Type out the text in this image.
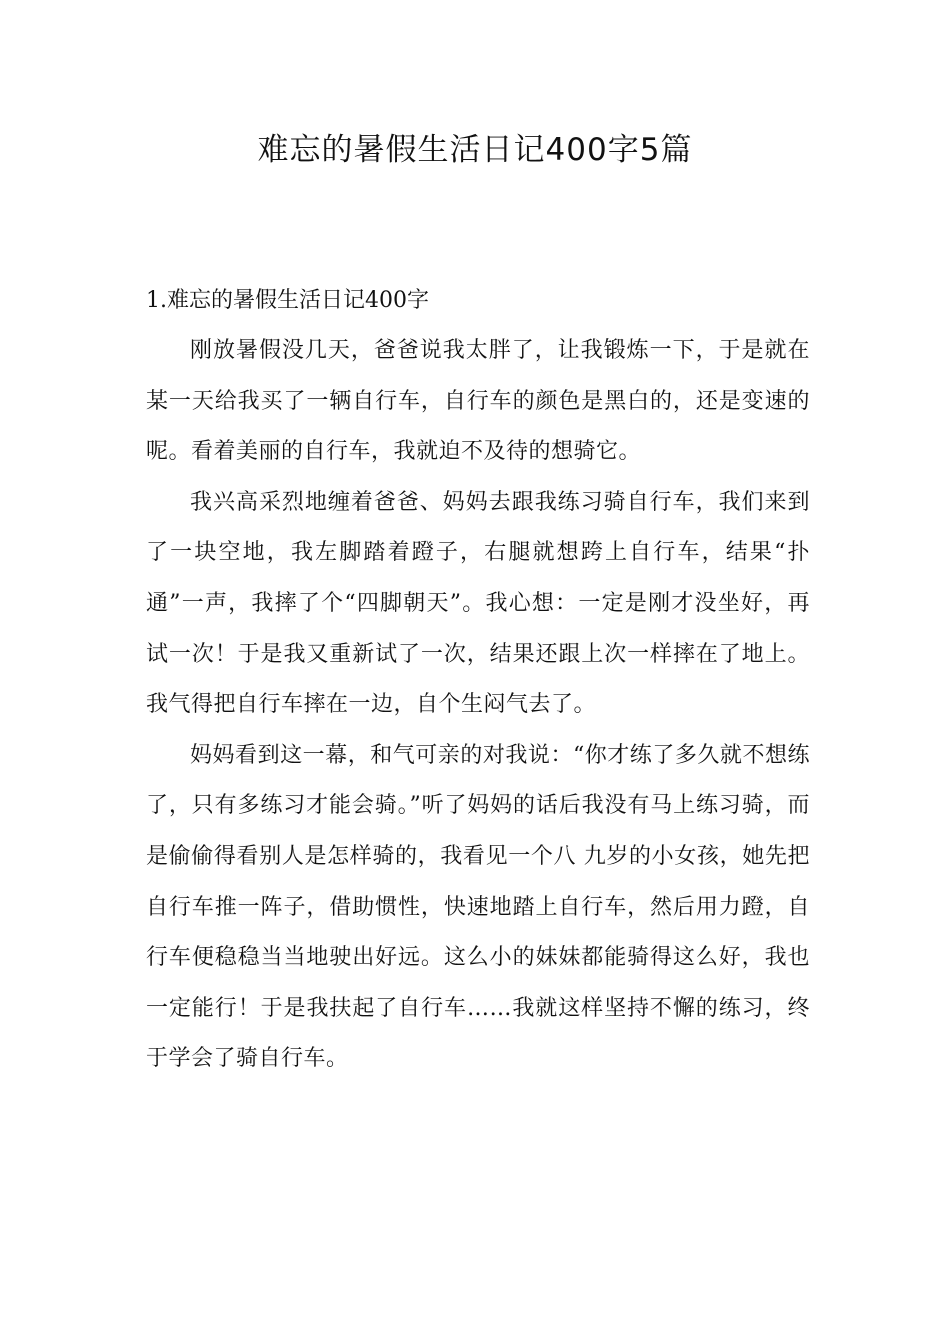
难忘的暑假生活日记400字5篇
1.难忘的暑假生活日记400字

刚放暑假没几天，爸爸说我太胖了，让我锻炼一下，于是就在某一天给我买了一辆自行车，自行车的颜色是黑白的，还是变速的呢。看着美丽的自行车，我就迫不及待的想骑它。

我兴高采烈地缠着爸爸、妈妈去跟我练习骑自行车，我们来到了一块空地，我左脚踏着蹬子，右腿就想跨上自行车，结果“扑通”一声，我摔了个“四脚朝天”。我心想：一定是刚才没坐好，再试一次！于是我又重新试了一次，结果还跟上次一样摔在了地上。我气得把自行车摔在一边，自个生闷气去了。

妈妈看到这一幕，和气可亲的对我说：“你才练了多久就不想练了，只有多练习才能会骑。”听了妈妈的话后我没有马上练习骑，而是偷偷得看别人是怎样骑的，我看见一个八 九岁的小女孩，她先把自行车推一阵子，借助惯性，快速地踏上自行车，然后用力蹬，自行车便稳稳当当地驶出好远。这么小的妹妹都能骑得这么好，我也一定能行！于是我扶起了自行车……我就这样坚持不懈的练习，终于学会了骑自行车。
